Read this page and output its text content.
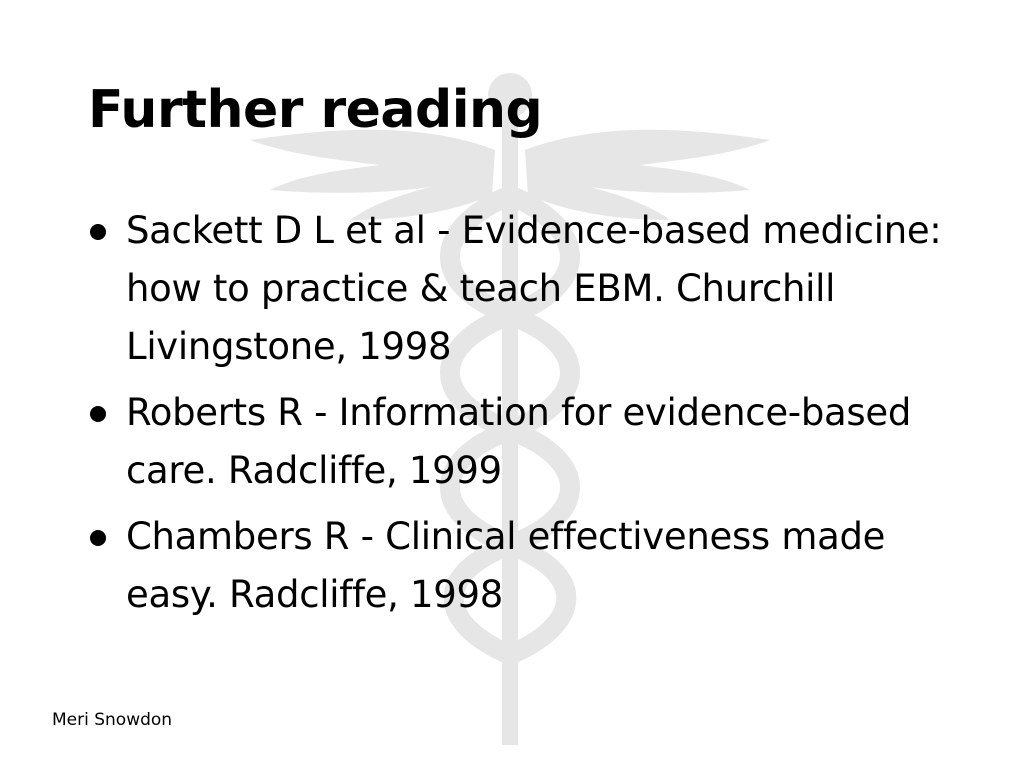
Further reading
Sackett D L et al - Evidence-based medicine: how to practice & teach EBM. Churchill Livingstone, 1998
Roberts R - Information for evidence-based care. Radcliffe, 1999
Chambers R - Clinical effectiveness made easy. Radcliffe, 1998
Meri Snowdon
